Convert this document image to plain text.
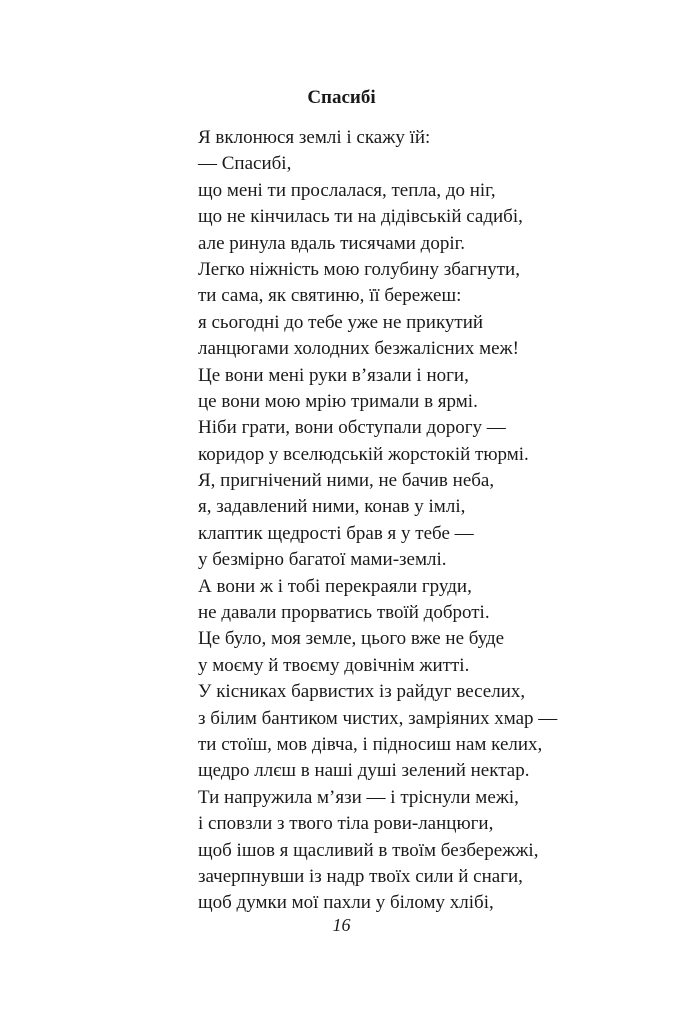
Спасибі
Я вклонюся землі і скажу їй:
— Спасибі,
що мені ти прослалася, тепла, до ніг,
що не кінчилась ти на дідівській садибі,
але ринула вдаль тисячами доріг.
Легко ніжність мою голубину збагнути,
ти сама, як святиню, її бережеш:
я сьогодні до тебе уже не прикутий
ланцюгами холодних безжалісних меж!
Це вони мені руки в’язали і ноги,
це вони мою мрію тримали в ярмі.
Ніби грати, вони обступали дорогу —
коридор у вселюдській жорстокій тюрмі.
Я, пригнічений ними, не бачив неба,
я, задавлений ними, конав у імлі,
клаптик щедрості брав я у тебе —
у безмірно багатої мами-землі.
А вони ж і тобі перекраяли груди,
не давали прорватись твоїй доброті.
Це було, моя земле, цього вже не буде
у моєму й твоєму довічнім житті.
У кісниках барвистих із райдуг веселих,
з білим бантиком чистих, замріяних хмар —
ти стоїш, мов дівча, і підносиш нам келих,
щедро ллєш в наші душі зелений нектар.
Ти напружила м’язи — і тріснули межі,
і сповзли з твого тіла рови-ланцюги,
щоб ішов я щасливий в твоїм безбережжі,
зачерпнувши із надр твоїх сили й снаги,
щоб думки мої пахли у білому хлібі,
16
